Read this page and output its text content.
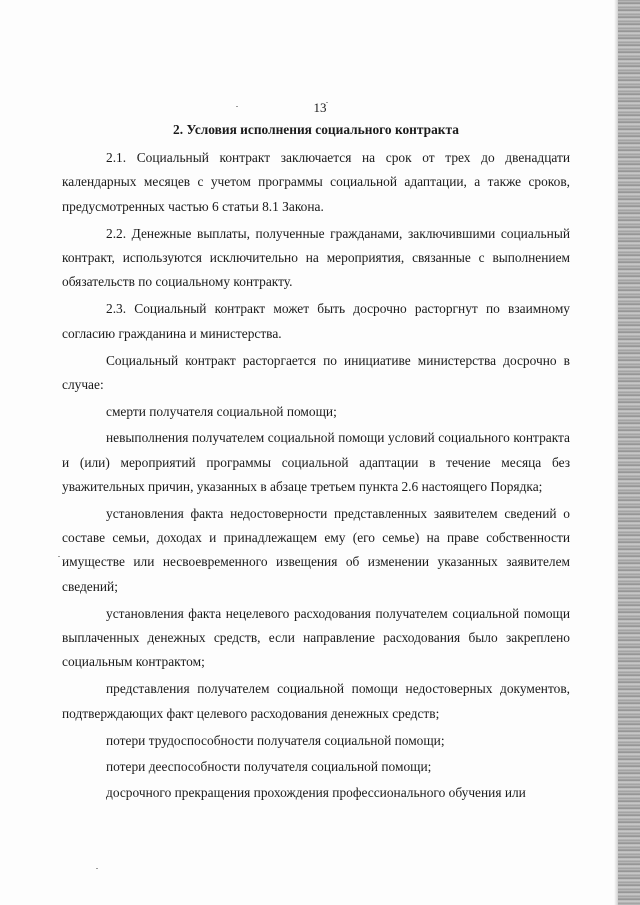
13

2. Условия исполнения социального контракта

2.1. Социальный контракт заключается на срок от трех до двенадцати календарных месяцев с учетом программы социальной адаптации, а также сроков, предусмотренных частью 6 статьи 8.1 Закона.

2.2. Денежные выплаты, полученные гражданами, заключившими социальный контракт, используются исключительно на мероприятия, связанные с выполнением обязательств по социальному контракту.

2.3. Социальный контракт может быть досрочно расторгнут по взаимному согласию гражданина и министерства.

Социальный контракт расторгается по инициативе министерства досрочно в случае:

смерти получателя социальной помощи;

невыполнения получателем социальной помощи условий социального контракта и (или) мероприятий программы социальной адаптации в течение месяца без уважительных причин, указанных в абзаце третьем пункта 2.6 настоящего Порядка;

установления факта недостоверности представленных заявителем сведений о составе семьи, доходах и принадлежащем ему (его семье) на праве собственности имуществе или несвоевременного извещения об изменении указанных заявителем сведений;

установления факта нецелевого расходования получателем социальной помощи выплаченных денежных средств, если направление расходования было закреплено социальным контрактом;

представления получателем социальной помощи недостоверных документов, подтверждающих факт целевого расходования денежных средств;

потери трудоспособности получателя социальной помощи;

потери дееспособности получателя социальной помощи;

досрочного прекращения прохождения профессионального обучения или
